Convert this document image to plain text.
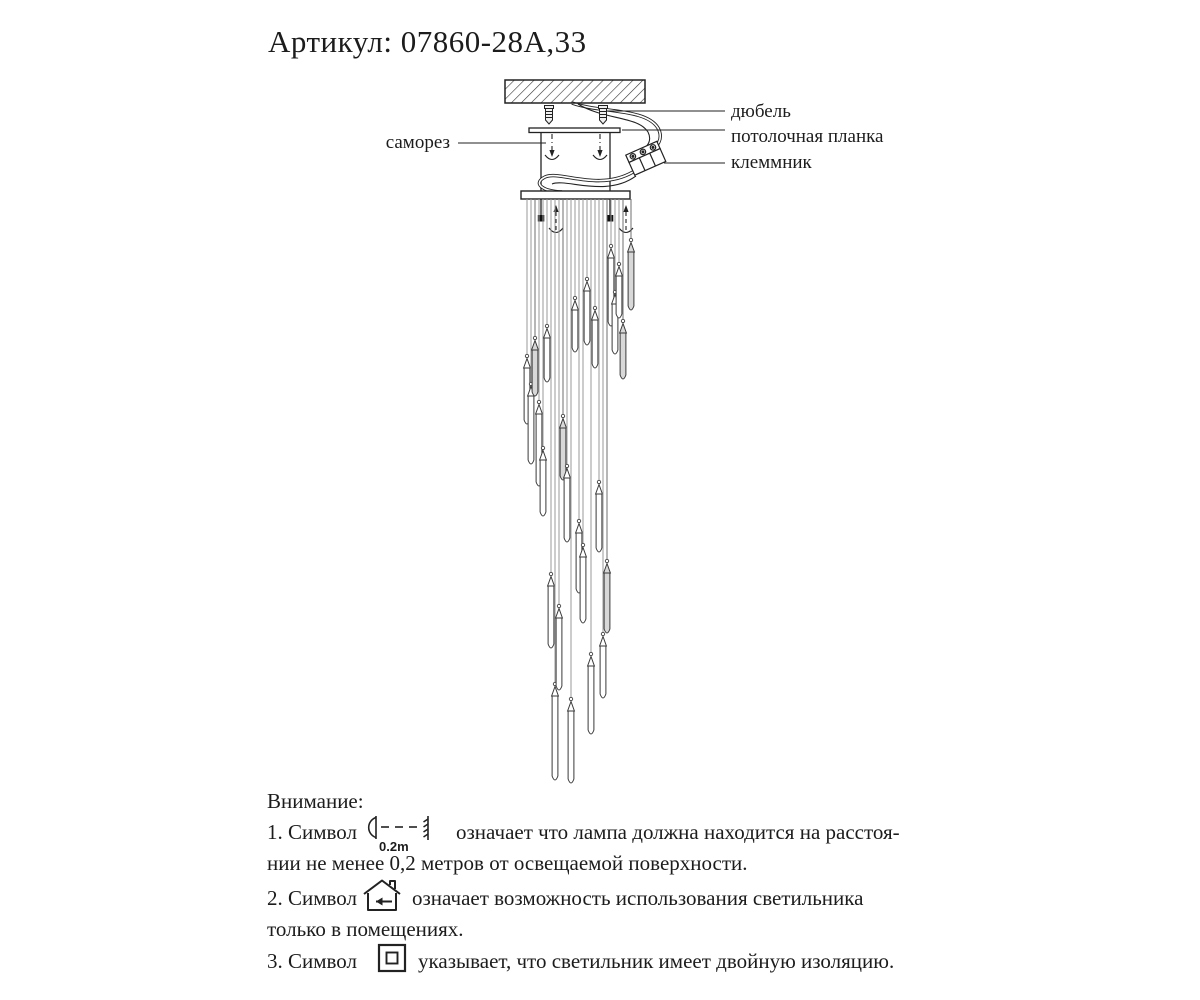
Артикул: 07860-28А,33
саморез
дюбель
потолочная планка
клеммник
Внимание:
1. Символ
0.2m
означает что лампа должна находится на расстоя-
нии не менее 0,2 метров от освещаемой поверхности.
2. Символ	означает возможность использования светильника
только в помещениях.
3. Символ	указывает, что светильник имеет двойную изоляцию.
